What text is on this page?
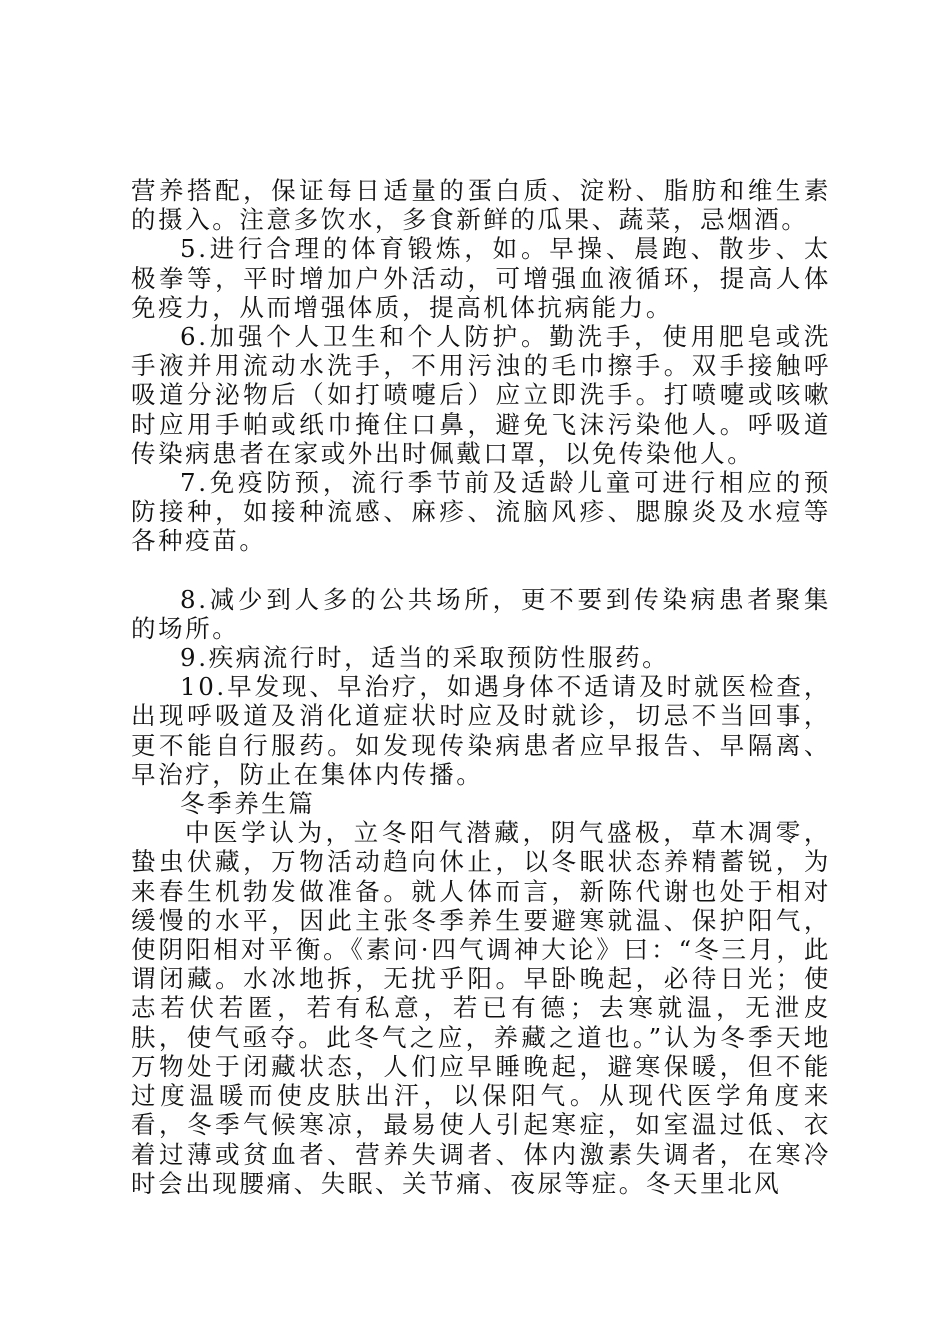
营养搭配，保证每日适量的蛋白质、淀粉、脂肪和维生素的摄入。注意多饮水，多食新鲜的瓜果、蔬菜，忌烟酒。

5.进行合理的体育锻炼，如。早操、晨跑、散步、太极拳等，平时增加户外活动，可增强血液循环，提高人体免疫力，从而增强体质，提高机体抗病能力。

6.加强个人卫生和个人防护。勤洗手，使用肥皂或洗手液并用流动水洗手，不用污浊的毛巾擦手。双手接触呼吸道分泌物后（如打喷嚏后）应立即洗手。打喷嚏或咳嗽时应用手帕或纸巾掩住口鼻，避免飞沫污染他人。呼吸道传染病患者在家或外出时佩戴口罩，以免传染他人。

7.免疫防预，流行季节前及适龄儿童可进行相应的预防接种，如接种流感、麻疹、流脑风疹、腮腺炎及水痘等各种疫苗。

8.减少到人多的公共场所，更不要到传染病患者聚集的场所。

9.疾病流行时，适当的采取预防性服药。

10.早发现、早治疗，如遇身体不适请及时就医检查，出现呼吸道及消化道症状时应及时就诊，切忌不当回事，更不能自行服药。如发现传染病患者应早报告、早隔离、早治疗，防止在集体内传播。

冬季养生篇

中医学认为，立冬阳气潜藏，阴气盛极，草木凋零，蛰虫伏藏，万物活动趋向休止，以冬眠状态养精蓄锐，为来春生机勃发做准备。就人体而言，新陈代谢也处于相对缓慢的水平，因此主张冬季养生要避寒就温、保护阳气，使阴阳相对平衡。《素问·四气调神大论》曰：“冬三月，此谓闭藏。水冰地拆，无扰乎阳。早卧晚起，必待日光；使志若伏若匿，若有私意，若已有德；去寒就温，无泄皮肤，使气亟夺。此冬气之应，养藏之道也。”认为冬季天地万物处于闭藏状态，人们应早睡晚起，避寒保暖，但不能过度温暖而使皮肤出汗，以保阳气。从现代医学角度来看，冬季气候寒凉，最易使人引起寒症，如室温过低、衣着过薄或贫血者、营养失调者、体内激素失调者，在寒冷时会出现腰痛、失眠、关节痛、夜尿等症。冬天里北风
